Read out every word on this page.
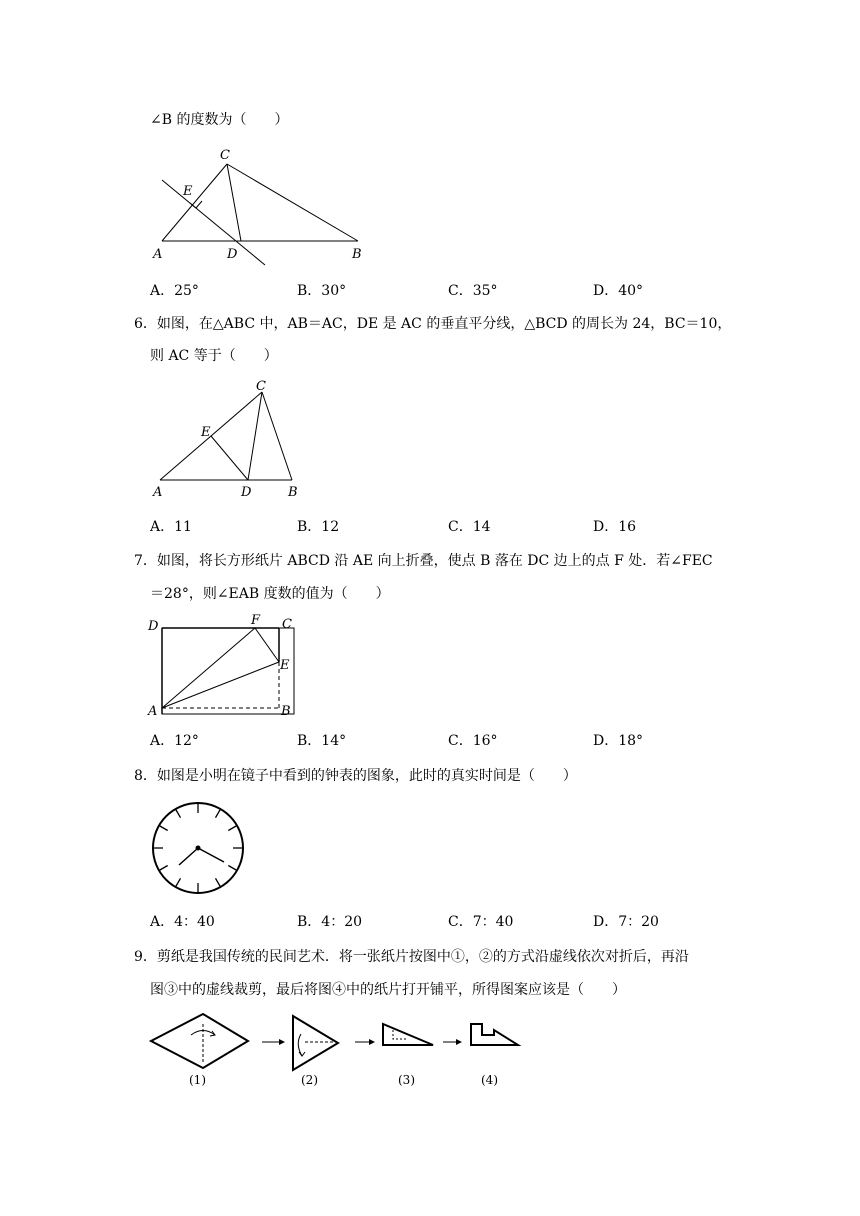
∠B 的度数为（　　）
C
E
A	D	B
A．25°	B．30°	C．35°	D．40°
6．如图，在△ABC 中，AB＝AC，DE 是 AC 的垂直平分线，△BCD 的周长为 24，BC＝10，
则 AC 等于（　　）
C
E
A	D	B
A．11	B．12	C．14	D．16
7．如图，将长方形纸片 ABCD 沿 AE 向上折叠，使点 B 落在 DC 边上的点 F 处．若∠FEC
＝28°，则∠EAB 度数的值为（　　）
D	F C
E
A	B
A．12°	B．14°	C．16°	D．18°
8．如图是小明在镜子中看到的钟表的图象，此时的真实时间是（　　）
A．4：40	B．4：20	C．7：40	D．7：20
9．剪纸是我国传统的民间艺术．将一张纸片按图中①，②的方式沿虚线依次对折后，再沿
图③中的虚线裁剪，最后将图④中的纸片打开铺平，所得图案应该是（　　）
(1)	(2)	(3)	(4)
